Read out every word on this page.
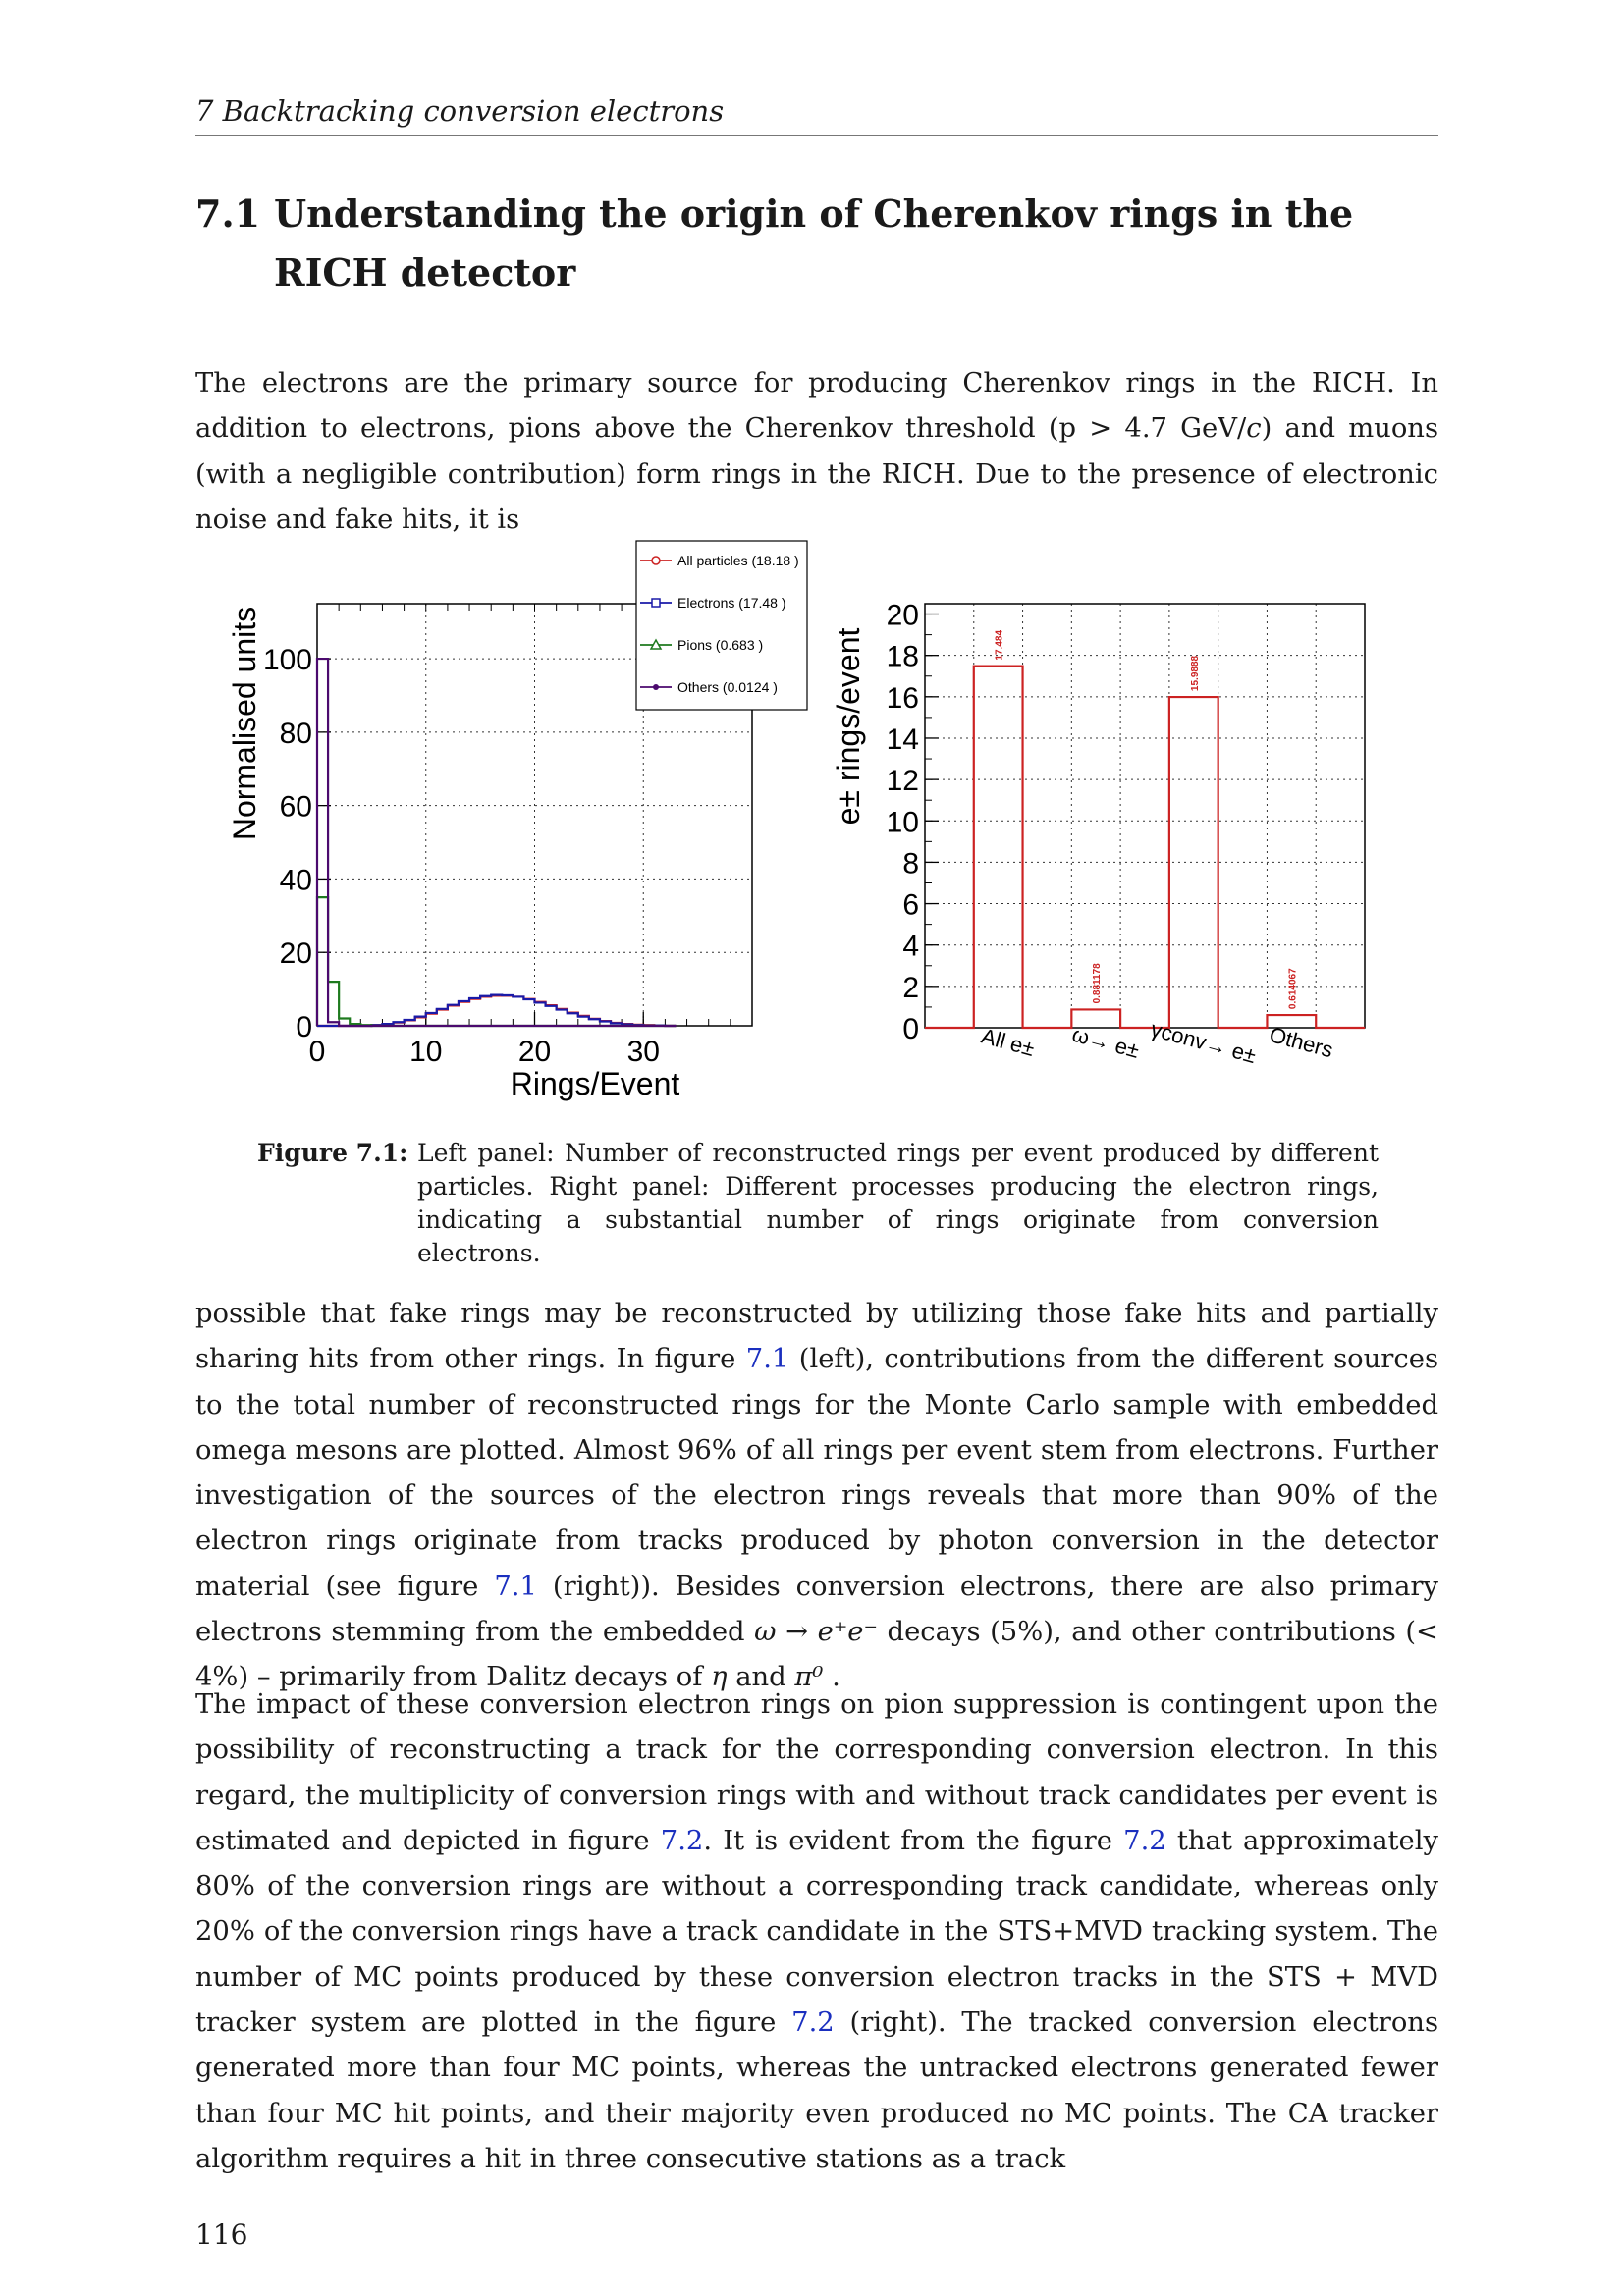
7 Backtracking conversion electrons
7.1 Understanding the origin of Cherenkov rings in the RICH detector

The electrons are the primary source for producing Cherenkov rings in the RICH. In addition to electrons, pions above the Cherenkov threshold (p > 4.7 GeV/c) and muons (with a negligible contribution) form rings in the RICH. Due to the presence of electronic noise and fake hits, it is

0	10	20	30
0
20
40
60
80
100
Rings/Event
Normalised units
All particles (18.18 )
Electrons (17.48 )
Pions (0.683 )
Others (0.0124 )
0
2
4
6
8
10
12
14
16
18
20
17.484
0.881178
15.9888
0.614067
e± rings/event
All e± ω→ e± γconv→ e± Others
Figure 7.1: Left panel: Number of reconstructed rings per event produced by different particles. Right panel: Different processes producing the electron rings, indicating a substantial number of rings originate from conversion electrons.

possible that fake rings may be reconstructed by utilizing those fake hits and partially sharing hits from other rings. In figure 7.1 (left), contributions from the different sources to the total number of reconstructed rings for the Monte Carlo sample with embedded omega mesons are plotted. Almost 96% of all rings per event stem from electrons. Further investigation of the sources of the electron rings reveals that more than 90% of the electron rings originate from tracks produced by photon conversion in the detector material (see figure 7.1 (right)). Besides conversion electrons, there are also primary electrons stemming from the embedded ω → e⁺e⁻ decays (5%), and other contributions (< 4%) – primarily from Dalitz decays of η and π⁰ .

The impact of these conversion electron rings on pion suppression is contingent upon the possibility of reconstructing a track for the corresponding conversion electron. In this regard, the multiplicity of conversion rings with and without track candidates per event is estimated and depicted in figure 7.2. It is evident from the figure 7.2 that approximately 80% of the conversion rings are without a corresponding track candidate, whereas only 20% of the conversion rings have a track candidate in the STS+MVD tracking system. The number of MC points produced by these conversion electron tracks in the STS + MVD tracker system are plotted in the figure 7.2 (right). The tracked conversion electrons generated more than four MC points, whereas the untracked electrons generated fewer than four MC hit points, and their majority even produced no MC points. The CA tracker algorithm requires a hit in three consecutive stations as a track

116
